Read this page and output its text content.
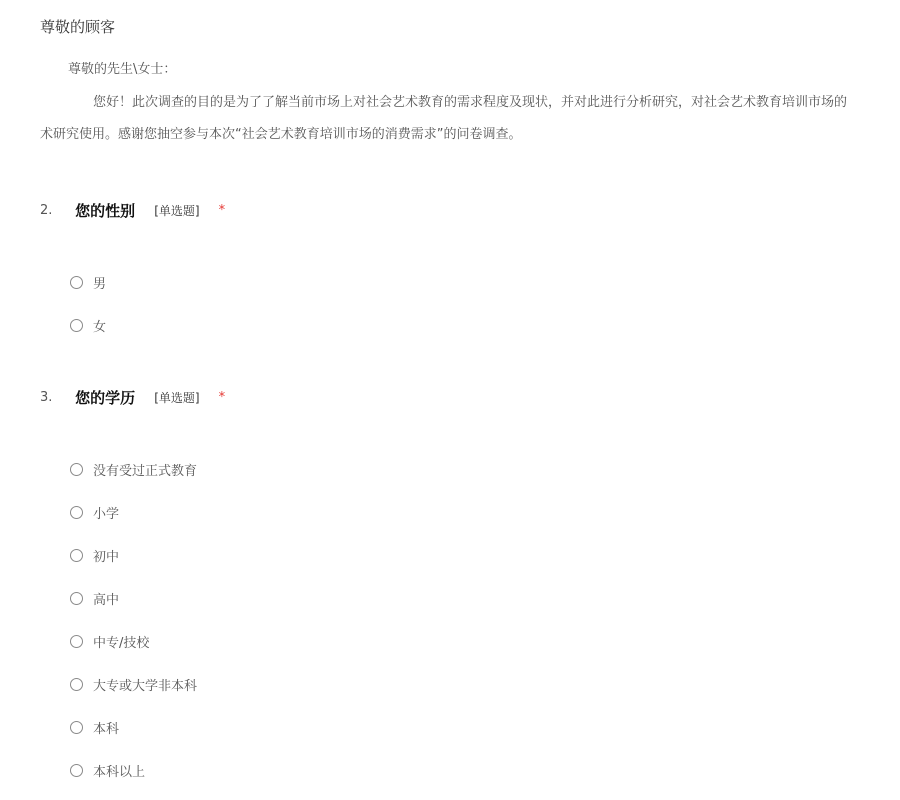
尊敬的顾客
尊敬的先生\女士：
您好！此次调查的目的是为了了解当前市场上对社会艺术教育的需求程度及现状，并对此进行分析研究，对社会艺术教育培训市场的
术研究使用。感谢您抽空参与本次“社会艺术教育培训市场的消费需求”的问卷调查。
2. 您的性别 [单选题] *
男
女
3. 您的学历 [单选题] *
没有受过正式教育
小学
初中
高中
中专/技校
大专或大学非本科
本科
本科以上
